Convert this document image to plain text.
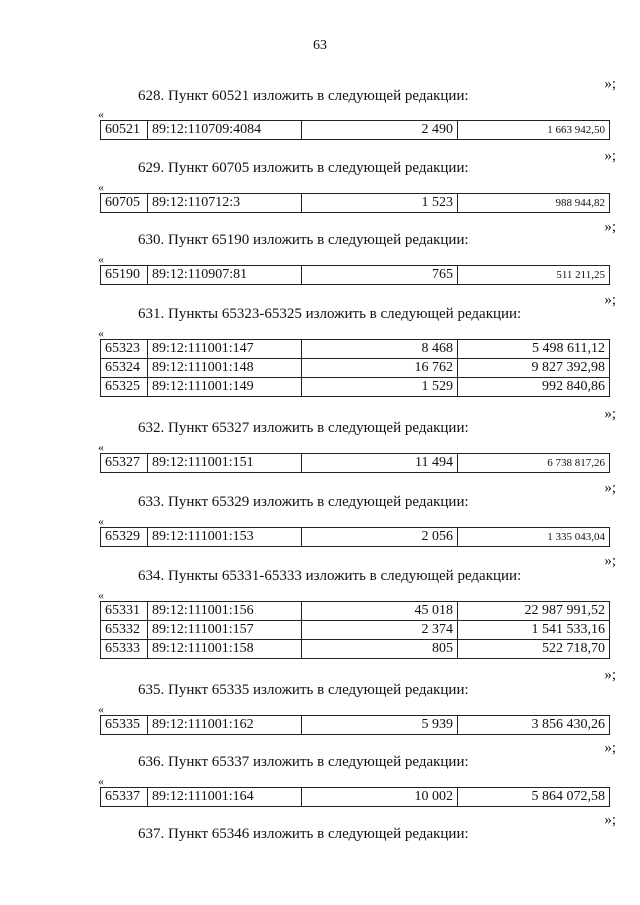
63
»;
628. Пункт 60521 изложить в следующей редакции:
«
60521	89:12:110709:4084	2 490	1 663 942,50
»;
629. Пункт 60705 изложить в следующей редакции:
«
60705	89:12:110712:3	1 523	988 944,82
»;
630. Пункт 65190 изложить в следующей редакции:
«
65190	89:12:110907:81	765	511 211,25
»;
631. Пункты 65323-65325 изложить в следующей редакции:
«
65323	89:12:111001:147	8 468	5 498 611,12
65324	89:12:111001:148	16 762	9 827 392,98
65325	89:12:111001:149	1 529	992 840,86
»;
632. Пункт 65327 изложить в следующей редакции:
«
65327	89:12:111001:151	11 494	6 738 817,26
»;
633. Пункт 65329 изложить в следующей редакции:
«
65329	89:12:111001:153	2 056	1 335 043,04
»;
634. Пункты 65331-65333 изложить в следующей редакции:
«
65331	89:12:111001:156	45 018	22 987 991,52
65332	89:12:111001:157	2 374	1 541 533,16
65333	89:12:111001:158	805	522 718,70
»;
635. Пункт 65335 изложить в следующей редакции:
«
65335	89:12:111001:162	5 939	3 856 430,26
»;
636. Пункт 65337 изложить в следующей редакции:
«
65337	89:12:111001:164	10 002	5 864 072,58
»;
637. Пункт 65346 изложить в следующей редакции:
